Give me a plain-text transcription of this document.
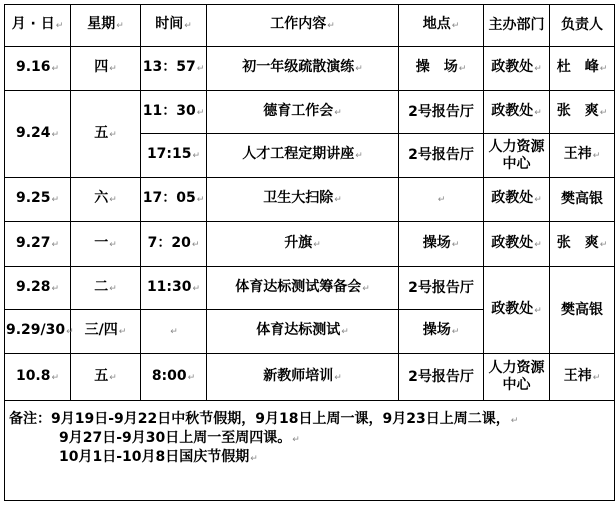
月 · 日↵	星期↵	时间↵	工作内容↵	地点↵	主办部门	负责人
9.16↵	四↵	13：57↵	初一年级疏散演练↵	操　场↵	政教处↵	杜　峰↵
9.24↵	五↵	11：30↵	德育工作会↵	2号报告厅	政教处↵	张　爽↵
		17:15↵	人才工程定期讲座↵	2号报告厅	人力资源中心	王祎↵
9.25↵	六↵	17：05↵	卫生大扫除↵	↵	政教处↵	樊高银
9.27↵	一↵	7：20↵	升旗↵	操场↵	政教处↵	张　爽↵
9.28↵	二↵	11:30↵	体育达标测试筹备会↵	2号报告厅	政教处↵	樊高银
9.29/30↵	三/四↵	↵	体育达标测试↵	操场↵		
10.8↵	五↵	8:00↵	新教师培训↵	2号报告厅	人力资源中心	王祎↵

备注：9月19日-9月22日中秋节假期，9月18日上周一课，9月23日上周二课，↵
9月27日-9月30日上周一至周四课。↵
10月1日-10月8日国庆节假期↵						
